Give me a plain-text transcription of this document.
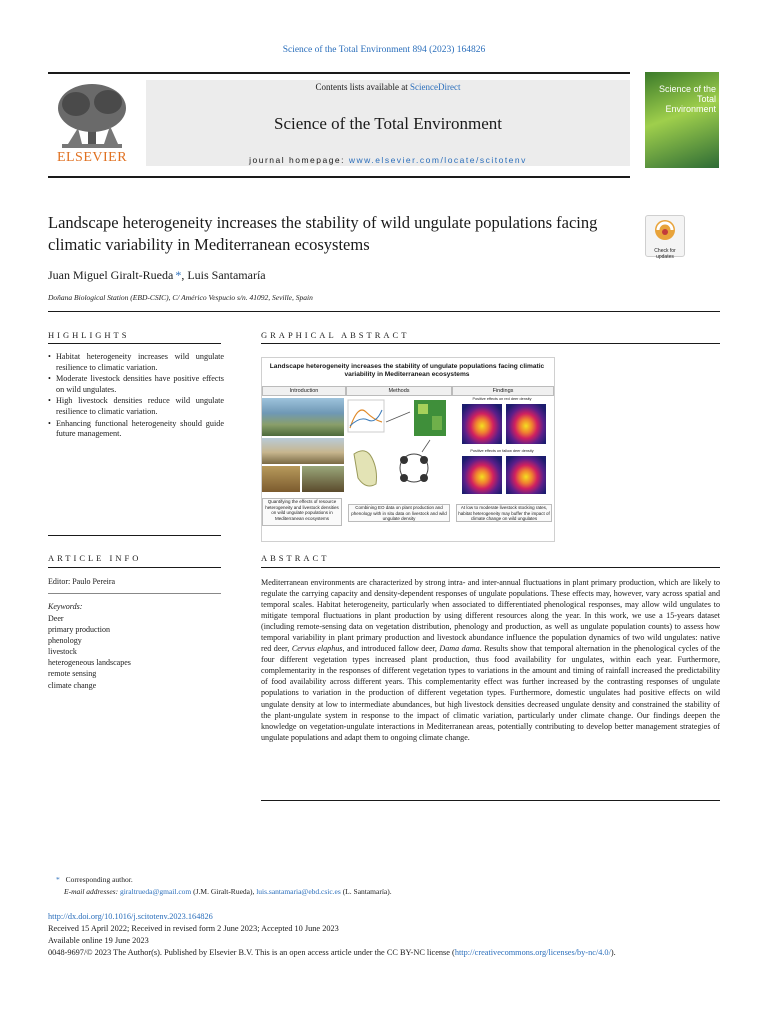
Science of the Total Environment 894 (2023) 164826
ELSEVIER
Contents lists available at ScienceDirect
Science of the Total Environment
journal homepage: www.elsevier.com/locate/scitotenv
Science of the Total Environment
Landscape heterogeneity increases the stability of wild ungulate populations facing climatic variability in Mediterranean ecosystems	Check for updates
Juan Miguel Giralt-Rueda *, Luis Santamaría
Doñana Biological Station (EBD-CSIC), C/ Américo Vespucio s/n. 41092, Seville, Spain
HIGHLIGHTS	GRAPHICAL ABSTRACT
• Habitat heterogeneity increases wild ungulate resilience to climatic variation.
• Moderate livestock densities have positive effects on wild ungulates.
• High livestock densities reduce wild ungulate resilience to climatic variation.
• Enhancing functional heterogeneity should guide future management.
Landscape heterogeneity increases the stability of ungulate populations facing climatic variability in Mediterranean ecosystems
Introduction	Methods	Findings
Positive effects on red deer density
Positive effects on fallow deer density
Quantifying the effects of resource heterogeneity and livestock densities on wild ungulate populations in Mediterranean ecosystems
Combining EO data on plant production and phenology with in situ data on livestock and wild ungulate density
At low to moderate livestock stocking rates, habitat heterogeneity may buffer the impact of climate change on wild ungulates
ARTICLE INFO	ABSTRACT
Editor: Paulo Pereira
Keywords:
Deer
primary production
phenology
livestock
heterogeneous landscapes
remote sensing
climate change
Mediterranean environments are characterized by strong intra- and inter-annual fluctuations in plant primary production, which are likely to regulate the carrying capacity and density-dependent responses of ungulate populations. These effects may, however, vary across spatial and temporal scales. Habitat heterogeneity, particularly when associated to differentiated phenological responses, may allow wild ungulates to mitigate temporal fluctuations in plant production by using different resources along the year. In this work, we use a 15-years dataset (including remote-sensing data on vegetation distribution, phenology and production, as well as ungulate population counts) to assess how temporal variability in plant primary production and livestock abundance influence the population dynamics of two wild ungulates: native red deer, Cervus elaphus, and introduced fallow deer, Dama dama. Results show that temporal alternation in the phenological cycles of the four different vegetation types increased plant production, thus food availability for ungulates, within each year. Furthermore, complementarity in the responses of different vegetation types to variations in the amount and timing of rainfall increased the predictability of food availability across different years. This complementarity effect was further increased by the contrasting responses of ungulate populations to variation in the production of different vegetation types. Furthermore, domestic ungulates had positive effects on wild ungulate density at low to intermediate abundances, but high livestock densities decreased ungulate density and constrained the stability of the plant-ungulate system in response to the impact of climatic variation, particularly under climate change. Our findings deepen the knowledge on vegetation-ungulate interactions in Mediterranean areas, potentially contributing to develop better management strategies of ungulate populations and adapt them to ongoing climate change.
* Corresponding author.
E-mail addresses: giraltrueda@gmail.com (J.M. Giralt-Rueda), luis.santamaria@ebd.csic.es (L. Santamaría).
http://dx.doi.org/10.1016/j.scitotenv.2023.164826
Received 15 April 2022; Received in revised form 2 June 2023; Accepted 10 June 2023
Available online 19 June 2023
0048-9697/© 2023 The Author(s). Published by Elsevier B.V. This is an open access article under the CC BY-NC license (http://creativecommons.org/licenses/by-nc/4.0/).
